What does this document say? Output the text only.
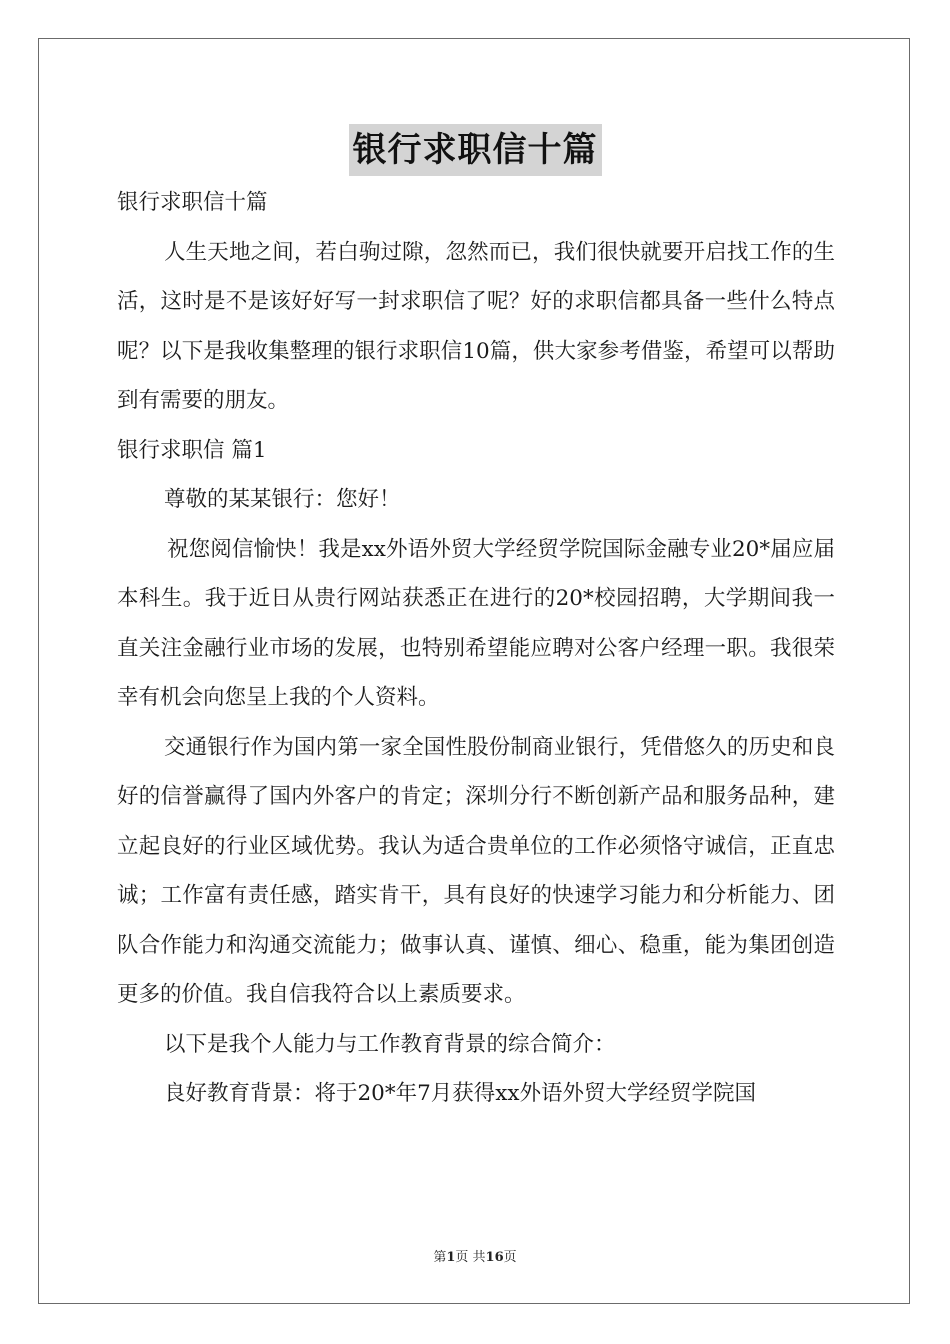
银行求职信十篇

银行求职信十篇

人生天地之间，若白驹过隙，忽然而已，我们很快就要开启找工作的生活，这时是不是该好好写一封求职信了呢？好的求职信都具备一些什么特点呢？以下是我收集整理的银行求职信10篇，供大家参考借鉴，希望可以帮助到有需要的朋友。

银行求职信 篇1

尊敬的某某银行：您好！

祝您阅信愉快！我是xx外语外贸大学经贸学院国际金融专业20*届应届本科生。我于近日从贵行网站获悉正在进行的20*校园招聘，大学期间我一直关注金融行业市场的发展，也特别希望能应聘对公客户经理一职。我很荣幸有机会向您呈上我的个人资料。

交通银行作为国内第一家全国性股份制商业银行，凭借悠久的历史和良好的信誉赢得了国内外客户的肯定；深圳分行不断创新产品和服务品种，建立起良好的行业区域优势。我认为适合贵单位的工作必须恪守诚信，正直忠诚；工作富有责任感，踏实肯干，具有良好的快速学习能力和分析能力、团队合作能力和沟通交流能力；做事认真、谨慎、细心、稳重，能为集团创造更多的价值。我自信我符合以上素质要求。

以下是我个人能力与工作教育背景的综合简介：

良好教育背景：将于20*年7月获得xx外语外贸大学经贸学院国

第1页 共16页
